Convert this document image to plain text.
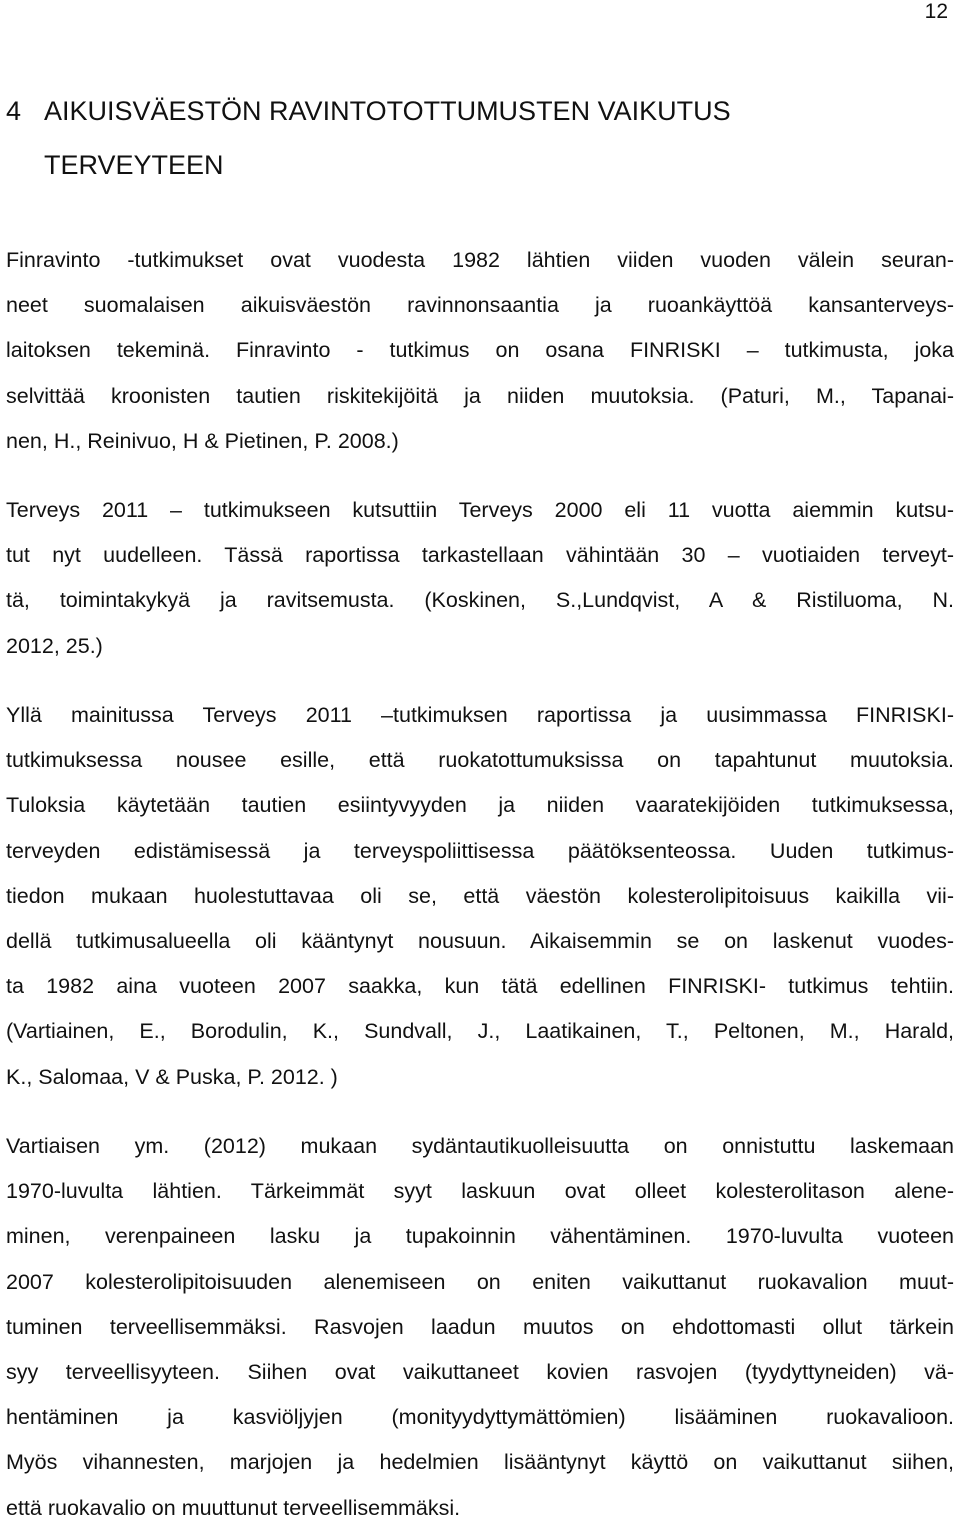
12
4 AIKUISVÄESTÖN RAVINTOTOTTUMUSTEN VAIKUTUS
TERVEYTEEN

Finravinto -tutkimukset ovat vuodesta 1982 lähtien viiden vuoden välein seuran-
neet suomalaisen aikuisväestön ravinnonsaantia ja ruoankäyttöä kansanterveys-
laitoksen tekeminä. Finravinto - tutkimus on osana FINRISKI – tutkimusta, joka
selvittää kroonisten tautien riskitekijöitä ja niiden muutoksia. (Paturi, M., Tapanai-
nen, H., Reinivuo, H & Pietinen, P. 2008.)

Terveys 2011 – tutkimukseen kutsuttiin Terveys 2000 eli 11 vuotta aiemmin kutsu-
tut nyt uudelleen. Tässä raportissa tarkastellaan vähintään 30 – vuotiaiden terveyt-
tä, toimintakykyä ja ravitsemusta. (Koskinen, S.,Lundqvist, A & Ristiluoma, N.
2012, 25.)

Yllä mainitussa Terveys 2011 –tutkimuksen raportissa ja uusimmassa FINRISKI-
tutkimuksessa nousee esille, että ruokatottumuksissa on tapahtunut muutoksia.
Tuloksia käytetään tautien esiintyvyyden ja niiden vaaratekijöiden tutkimuksessa,
terveyden edistämisessä ja terveyspoliittisessa päätöksenteossa. Uuden tutkimus-
tiedon mukaan huolestuttavaa oli se, että väestön kolesterolipitoisuus kaikilla vii-
dellä tutkimusalueella oli kääntynyt nousuun. Aikaisemmin se on laskenut vuodes-
ta 1982 aina vuoteen 2007 saakka, kun tätä edellinen FINRISKI- tutkimus tehtiin.
(Vartiainen, E., Borodulin, K., Sundvall, J., Laatikainen, T., Peltonen, M., Harald,
K., Salomaa, V & Puska, P. 2012. )

Vartiaisen ym. (2012) mukaan sydäntautikuolleisuutta on onnistuttu laskemaan
1970-luvulta lähtien. Tärkeimmät syyt laskuun ovat olleet kolesterolitason alene-
minen, verenpaineen lasku ja tupakoinnin vähentäminen. 1970-luvulta vuoteen
2007 kolesterolipitoisuuden alenemiseen on eniten vaikuttanut ruokavalion muut-
tuminen terveellisemmäksi. Rasvojen laadun muutos on ehdottomasti ollut tärkein
syy terveellisyyteen. Siihen ovat vaikuttaneet kovien rasvojen (tyydyttyneiden) vä-
hentäminen ja kasviöljyjen (monityydyttymättömien) lisääminen ruokavalioon.
Myös vihannesten, marjojen ja hedelmien lisääntynyt käyttö on vaikuttanut siihen,
että ruokavalio on muuttunut terveellisemmäksi.
